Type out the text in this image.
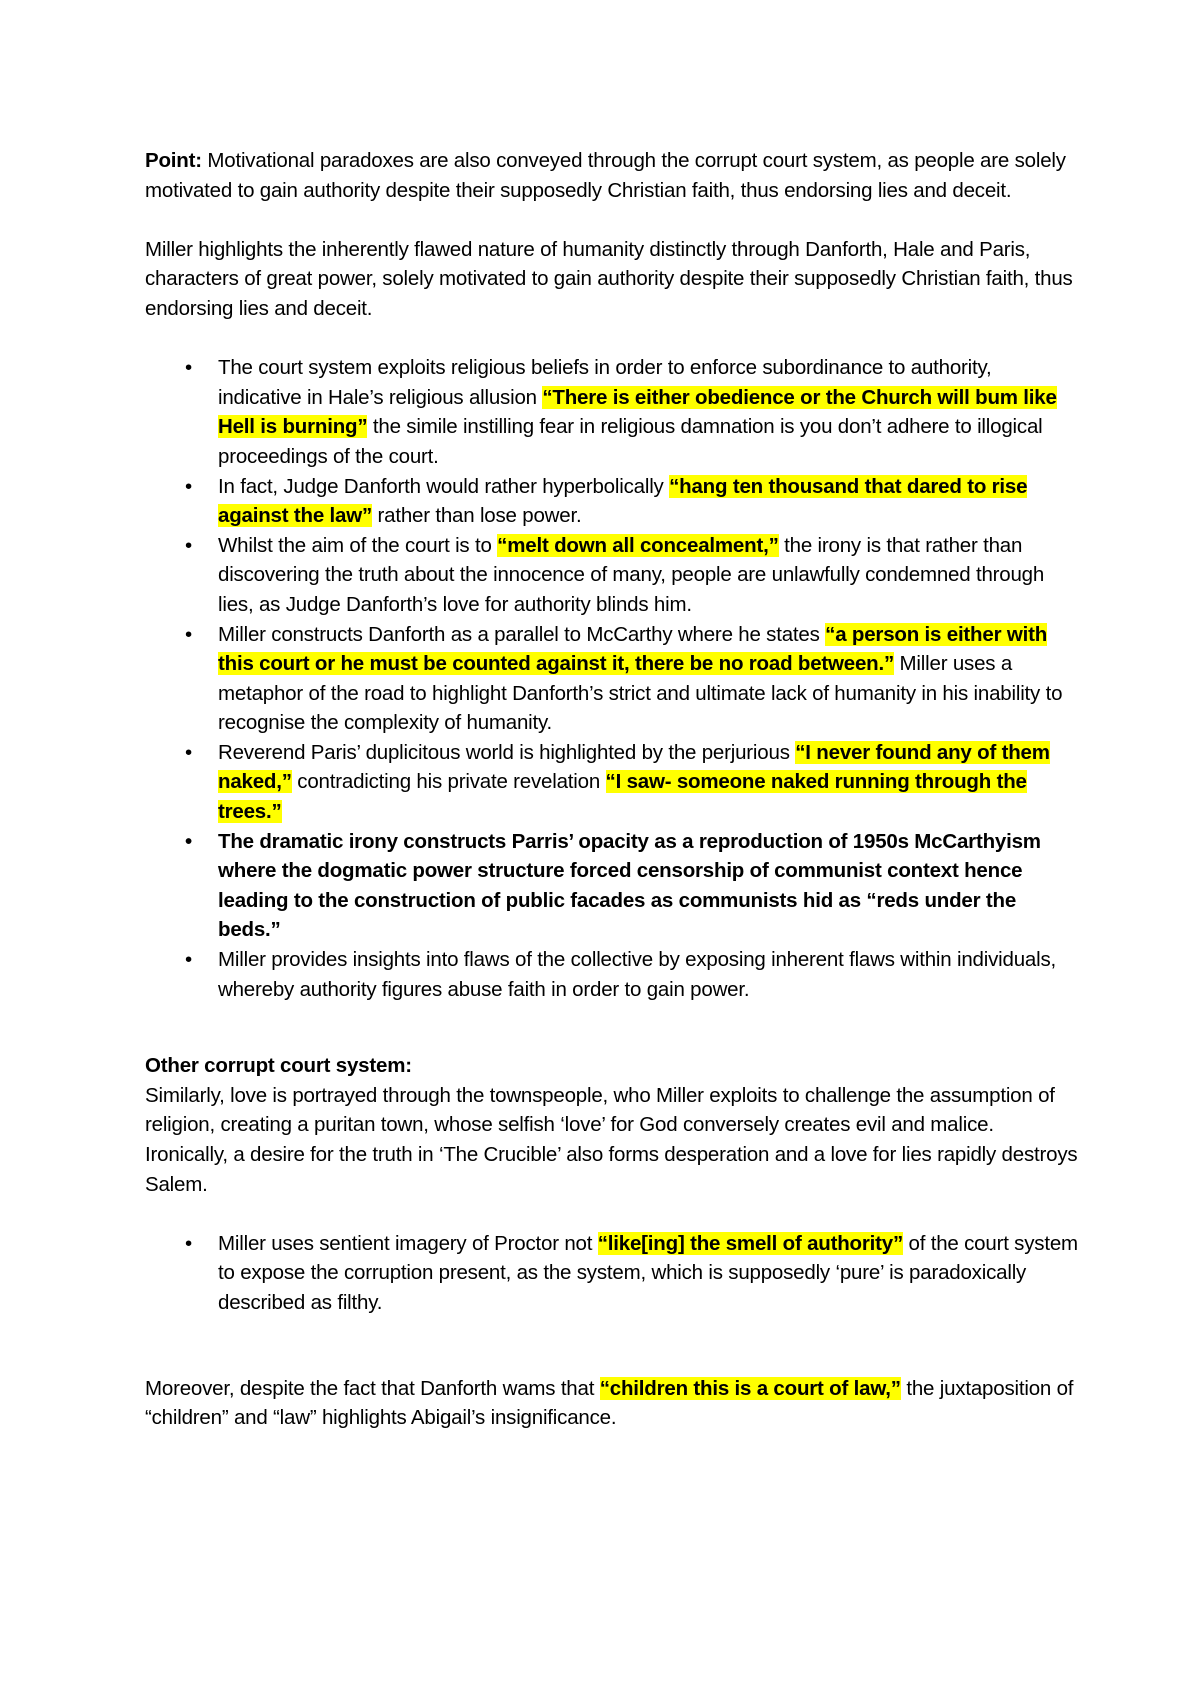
Point: Motivational paradoxes are also conveyed through the corrupt court system, as people are solely motivated to gain authority despite their supposedly Christian faith, thus endorsing lies and deceit.

Miller highlights the inherently flawed nature of humanity distinctly through Danforth, Hale and Paris, characters of great power, solely motivated to gain authority despite their supposedly Christian faith, thus endorsing lies and deceit.

• The court system exploits religious beliefs in order to enforce subordinance to authority, indicative in Hale’s religious allusion “There is either obedience or the Church will bum like Hell is burning” the simile instilling fear in religious damnation is you don’t adhere to illogical proceedings of the court.
• In fact, Judge Danforth would rather hyperbolically “hang ten thousand that dared to rise against the law” rather than lose power.
• Whilst the aim of the court is to “melt down all concealment,” the irony is that rather than discovering the truth about the innocence of many, people are unlawfully condemned through lies, as Judge Danforth’s love for authority blinds him.
• Miller constructs Danforth as a parallel to McCarthy where he states “a person is either with this court or he must be counted against it, there be no road between.” Miller uses a metaphor of the road to highlight Danforth’s strict and ultimate lack of humanity in his inability to recognise the complexity of humanity.
• Reverend Paris’ duplicitous world is highlighted by the perjurious “I never found any of them naked,” contradicting his private revelation “I saw- someone naked running through the trees.”
• The dramatic irony constructs Parris’ opacity as a reproduction of 1950s McCarthyism where the dogmatic power structure forced censorship of communist context hence leading to the construction of public facades as communists hid as “reds under the beds.”
• Miller provides insights into flaws of the collective by exposing inherent flaws within individuals, whereby authority figures abuse faith in order to gain power.

Other corrupt court system:

Similarly, love is portrayed through the townspeople, who Miller exploits to challenge the assumption of religion, creating a puritan town, whose selfish ‘love’ for God conversely creates evil and malice. Ironically, a desire for the truth in ‘The Crucible’ also forms desperation and a love for lies rapidly destroys Salem.

• Miller uses sentient imagery of Proctor not “like[ing] the smell of authority” of the court system to expose the corruption present, as the system, which is supposedly ‘pure’ is paradoxically described as filthy.

Moreover, despite the fact that Danforth wams that “children this is a court of law,” the juxtaposition of “children” and “law” highlights Abigail’s insignificance.
